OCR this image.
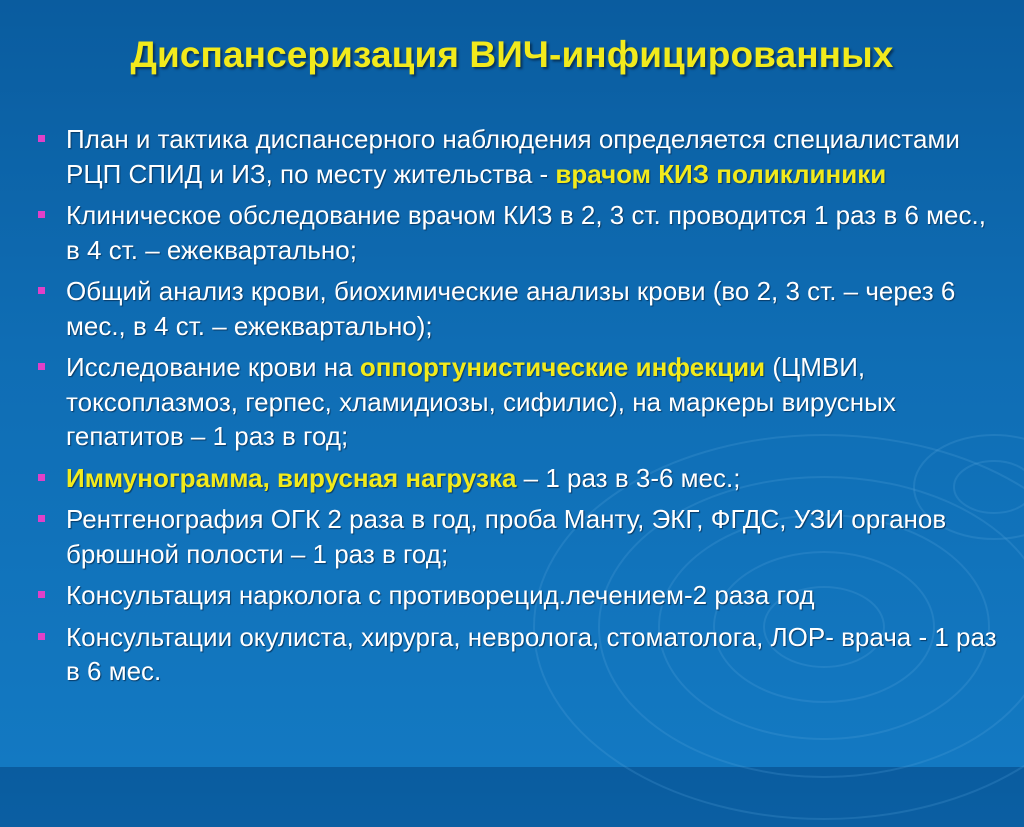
Диспансеризация ВИЧ-инфицированных
План и тактика диспансерного наблюдения определяется специалистами РЦП СПИД и ИЗ, по месту жительства - врачом КИЗ поликлиники
Клиническое обследование врачом КИЗ в 2, 3 ст. проводится 1 раз в 6 мес., в 4 ст. – ежеквартально;
Общий анализ крови, биохимические анализы крови (во 2, 3 ст. – через 6 мес., в 4 ст. – ежеквартально);
Исследование крови на оппортунистические инфекции (ЦМВИ, токсоплазмоз, герпес, хламидиозы, сифилис), на маркеры вирусных гепатитов – 1 раз в год;
Иммунограмма, вирусная нагрузка – 1 раз в 3-6 мес.;
Рентгенография ОГК 2 раза в год, проба Манту, ЭКГ, ФГДС, УЗИ органов брюшной полости – 1 раз в год;
Консультация нарколога с противорецид.лечением-2 раза год
Консультации окулиста, хирурга, невролога, стоматолога, ЛОР- врача - 1 раз в 6 мес.
